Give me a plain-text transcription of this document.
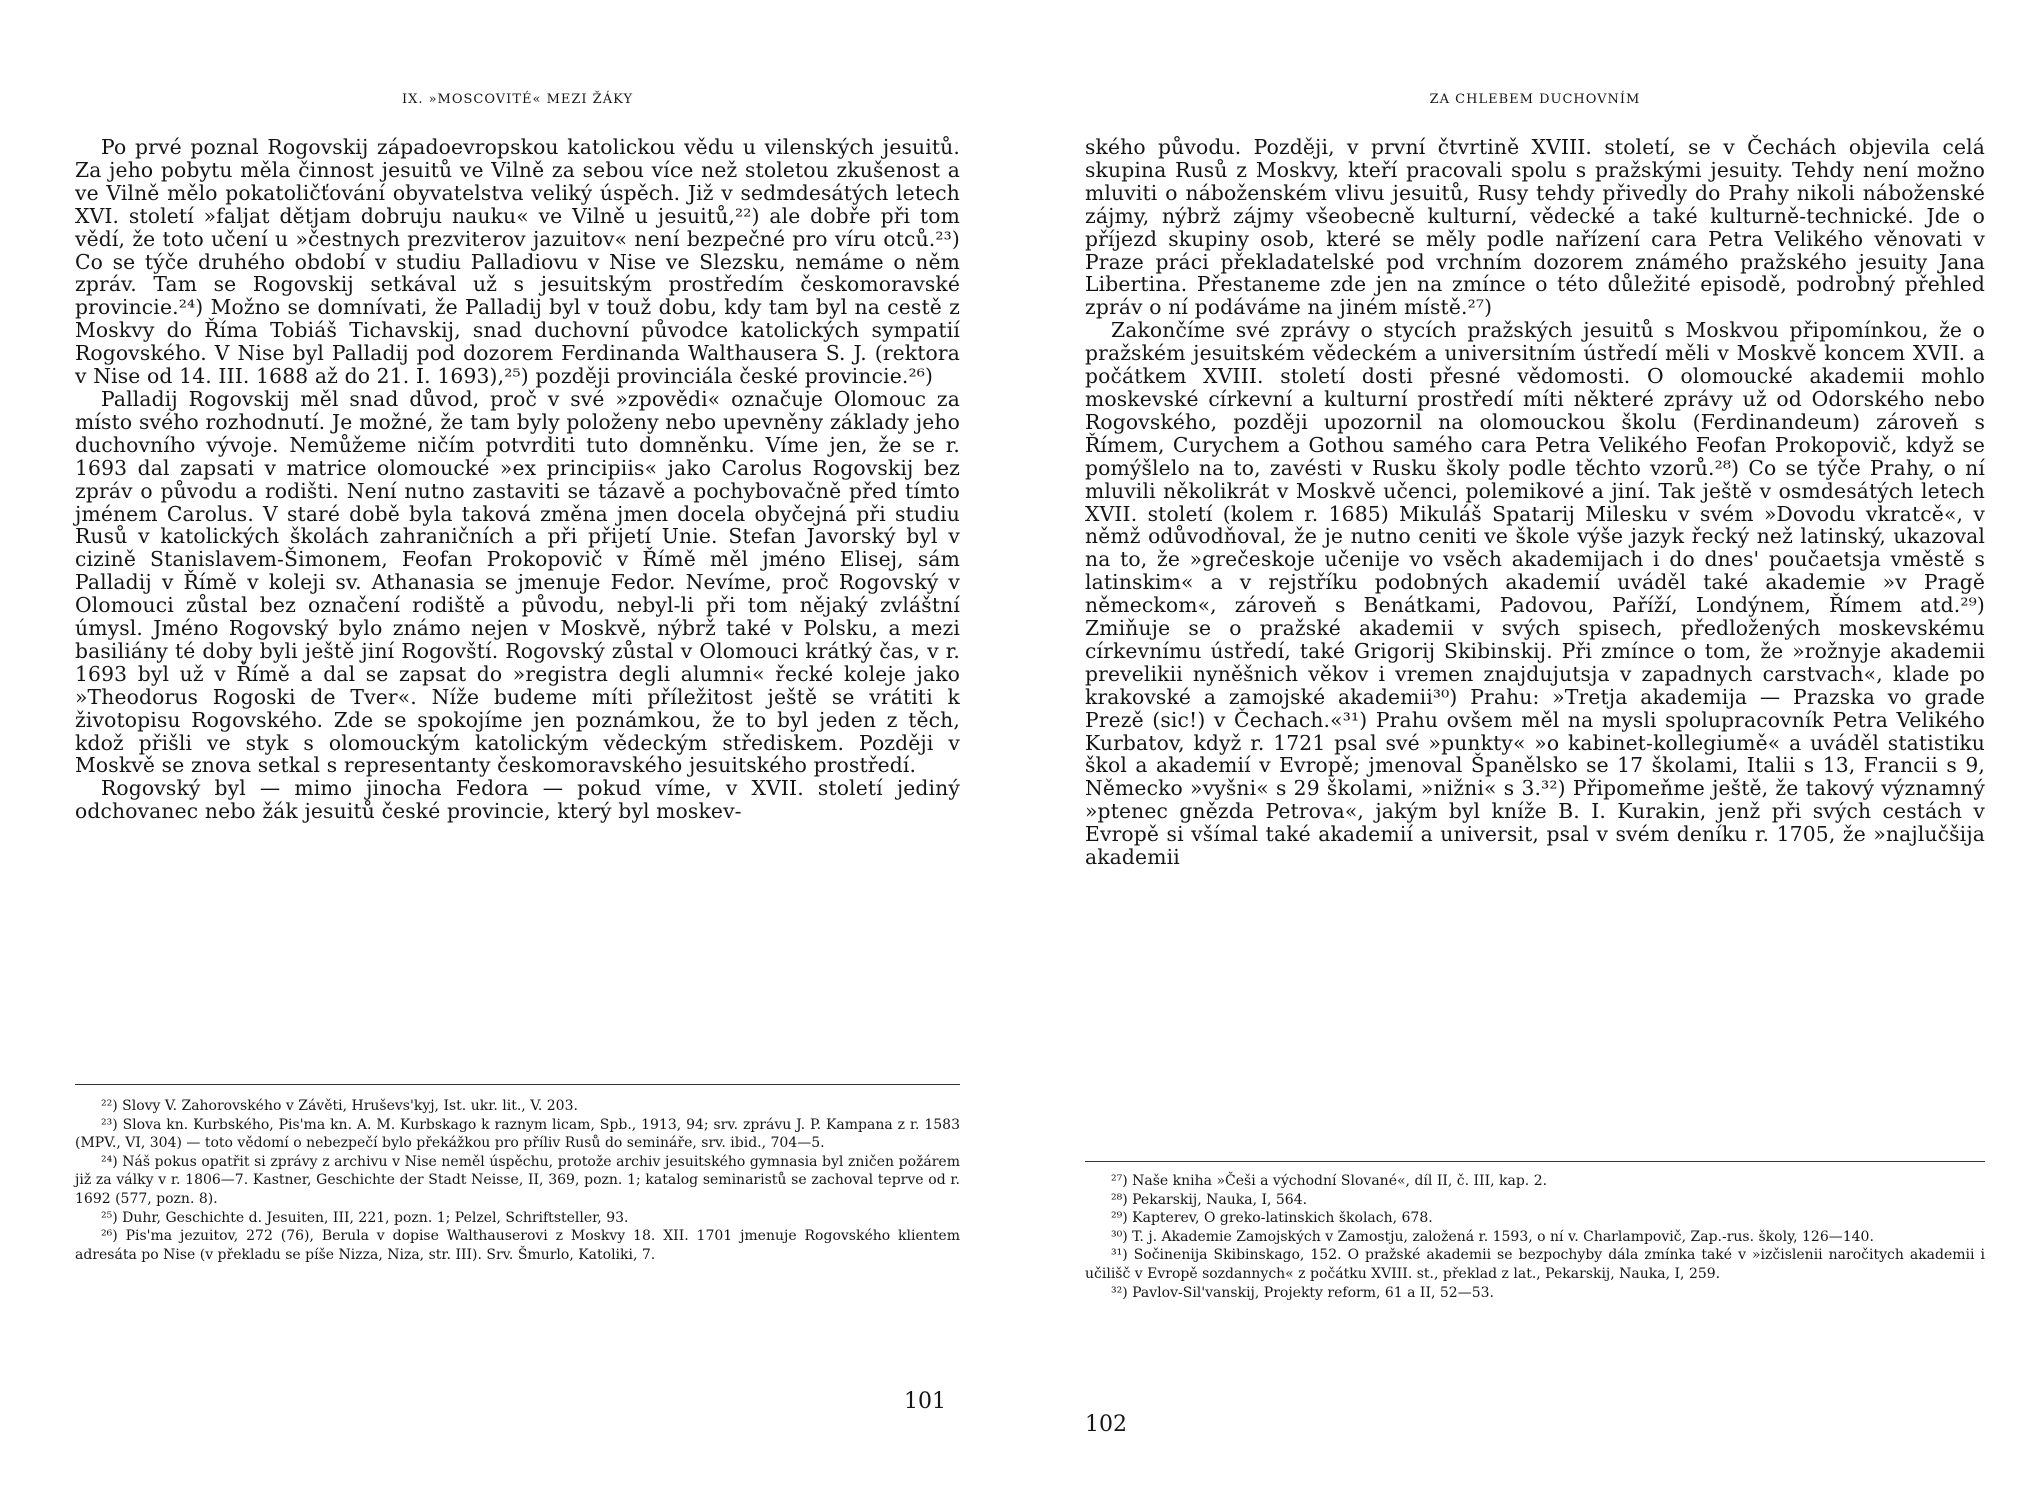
IX. »MOSCOVITÉ« MEZI ŽÁKY

Po prvé poznal Rogovskij západoevropskou katolickou vědu u vilenských jesuitů. Za jeho pobytu měla činnost jesuitů ve Vilně za sebou více než stoletou zkušenost a ve Vilně mělo pokatoličťování obyvatelstva veliký úspěch. Již v sedmdesátých letech XVI. století »faljat dětjam dobruju nauku« ve Vilně u jesuitů,²²) ale dobře při tom vědí, že toto učení u »čestnych prezviterov jazuitov« není bezpečné pro víru otců.²³) Co se týče druhého období v studiu Palladiovu v Nise ve Slezsku, nemáme o něm zpráv. Tam se Rogovskij setkával už s jesuitským prostředím českomoravské provincie.²⁴) Možno se domnívati, že Palladij byl v touž dobu, kdy tam byl na cestě z Moskvy do Říma Tobiáš Tichavskij, snad duchovní původce katolických sympatií Rogovského. V Nise byl Palladij pod dozorem Ferdinanda Walthausera S. J. (rektora v Nise od 14. III. 1688 až do 21. I. 1693),²⁵) později provinciála české provincie.²⁶)

Palladij Rogovskij měl snad důvod, proč v své »zpovědi« označuje Olomouc za místo svého rozhodnutí. Je možné, že tam byly položeny nebo upevněny základy jeho duchovního vývoje. Nemůžeme ničím potvrditi tuto domněnku. Víme jen, že se r. 1693 dal zapsati v matrice olomoucké »ex principiis« jako Carolus Rogovskij bez zpráv o původu a rodišti. Není nutno zastaviti se tázavě a pochybovačně před tímto jménem Carolus. V staré době byla taková změna jmen docela obyčejná při studiu Rusů v katolických školách zahraničních a při přijetí Unie. Stefan Javorský byl v cizině Stanislavem-Šimonem, Feofan Prokopovič v Římě měl jméno Elisej, sám Palladij v Římě v koleji sv. Athanasia se jmenuje Fedor. Nevíme, proč Rogovský v Olomouci zůstal bez označení rodiště a původu, nebyl-li při tom nějaký zvláštní úmysl. Jméno Rogovský bylo známo nejen v Moskvě, nýbrž také v Polsku, a mezi basiliány té doby byli ještě jiní Rogovští. Rogovský zůstal v Olomouci krátký čas, v r. 1693 byl už v Římě a dal se zapsat do »registra degli alumni« řecké koleje jako »Theodorus Rogoski de Tver«. Níže budeme míti příležitost ještě se vrátiti k životopisu Rogovského. Zde se spokojíme jen poznámkou, že to byl jeden z těch, kdož přišli ve styk s olomouckým katolickým vědeckým střediskem. Později v Moskvě se znova setkal s representanty českomoravského jesuitského prostředí.

Rogovský byl — mimo jinocha Fedora — pokud víme, v XVII. století jediný odchovanec nebo žák jesuitů české provincie, který byl moskev-

²²) Slovy V. Zahorovského v Závěti, Hruševs'kyj, Ist. ukr. lit., V. 203.

²³) Slova kn. Kurbského, Pis'ma kn. A. M. Kurbskago k raznym licam, Spb., 1913, 94; srv. zprávu J. P. Kampana z r. 1583 (MPV., VI, 304) — toto vědomí o nebezpečí bylo překážkou pro příliv Rusů do semináře, srv. ibid., 704—5.

²⁴) Náš pokus opatřit si zprávy z archivu v Nise neměl úspěchu, protože archiv jesuitského gymnasia byl zničen požárem již za války v r. 1806—7. Kastner, Geschichte der Stadt Neisse, II, 369, pozn. 1; katalog seminaristů se zachoval teprve od r. 1692 (577, pozn. 8).

²⁵) Duhr, Geschichte d. Jesuiten, III, 221, pozn. 1; Pelzel, Schriftsteller, 93.

²⁶) Pis'ma jezuitov, 272 (76), Berula v dopise Walthauserovi z Moskvy 18. XII. 1701 jmenuje Rogovského klientem adresáta po Nise (v překladu se píše Nizza, Niza, str. III). Srv. Šmurlo, Katoliki, 7.

101
ZA CHLEBEM DUCHOVNÍM

ského původu. Později, v první čtvrtině XVIII. století, se v Čechách objevila celá skupina Rusů z Moskvy, kteří pracovali spolu s pražskými jesuity. Tehdy není možno mluviti o náboženském vlivu jesuitů, Rusy tehdy přivedly do Prahy nikoli náboženské zájmy, nýbrž zájmy všeobecně kulturní, vědecké a také kulturně-technické. Jde o příjezd skupiny osob, které se měly podle nařízení cara Petra Velikého věnovati v Praze práci překladatelské pod vrchním dozorem známého pražského jesuity Jana Libertina. Přestaneme zde jen na zmínce o této důležité episodě, podrobný přehled zpráv o ní podáváme na jiném místě.²⁷)

Zakončíme své zprávy o stycích pražských jesuitů s Moskvou připomínkou, že o pražském jesuitském vědeckém a universitním ústředí měli v Moskvě koncem XVII. a počátkem XVIII. století dosti přesné vědomosti. O olomoucké akademii mohlo moskevské církevní a kulturní prostředí míti některé zprávy už od Odorského nebo Rogovského, později upozornil na olomouckou školu (Ferdinandeum) zároveň s Římem, Curychem a Gothou samého cara Petra Velikého Feofan Prokopovič, když se pomýšlelo na to, zavésti v Rusku školy podle těchto vzorů.²⁸) Co se týče Prahy, o ní mluvili několikrát v Moskvě učenci, polemikové a jiní. Tak ještě v osmdesátých letech XVII. století (kolem r. 1685) Mikuláš Spatarij Milesku v svém »Dovodu vkratcě«, v němž odůvodňoval, že je nutno ceniti ve škole výše jazyk řecký než latinský, ukazoval na to, že »grečeskoje učenije vo vsěch akademijach i do dnes' poučaetsja vměstě s latinskim« a v rejstříku podobných akademií uváděl také akademie »v Pragě německom«, zároveň s Benátkami, Padovou, Paříží, Londýnem, Římem atd.²⁹) Zmiňuje se o pražské akademii v svých spisech, předložených moskevskému církevnímu ústředí, také Grigorij Skibinskij. Při zmínce o tom, že »rožnyje akademii prevelikii nyněšnich věkov i vremen znajdujutsja v zapadnych carstvach«, klade po krakovské a zamojské akademii³⁰) Prahu: »Tretja akademija — Prazska vo grade Prezě (sic!) v Čechach.«³¹) Prahu ovšem měl na mysli spolupracovník Petra Velikého Kurbatov, když r. 1721 psal své »punkty« »o kabinet-kollegiumě« a uváděl statistiku škol a akademií v Evropě; jmenoval Španělsko se 17 školami, Italii s 13, Francii s 9, Německo »vyšni« s 29 školami, »nižni« s 3.³²) Připomeňme ještě, že takový významný »ptenec gnězda Petrova«, jakým byl kníže B. I. Kurakin, jenž při svých cestách v Evropě si všímal také akademií a universit, psal v svém deníku r. 1705, že »najlučšija akademii

²⁷) Naše kniha »Češi a východní Slované«, díl II, č. III, kap. 2.

²⁸) Pekarskij, Nauka, I, 564.

²⁹) Kapterev, O greko-latinskich školach, 678.

³⁰) T. j. Akademie Zamojských v Zamostju, založená r. 1593, o ní v. Charlampovič, Zap.-rus. školy, 126—140.

³¹) Sočinenija Skibinskago, 152. O pražské akademii se bezpochyby dála zmínka také v »izčislenii naročitych akademii i učilišč v Evropě sozdannych« z počátku XVIII. st., překlad z lat., Pekarskij, Nauka, I, 259.

³²) Pavlov-Sil'vanskij, Projekty reform, 61 a II, 52—53.

102
